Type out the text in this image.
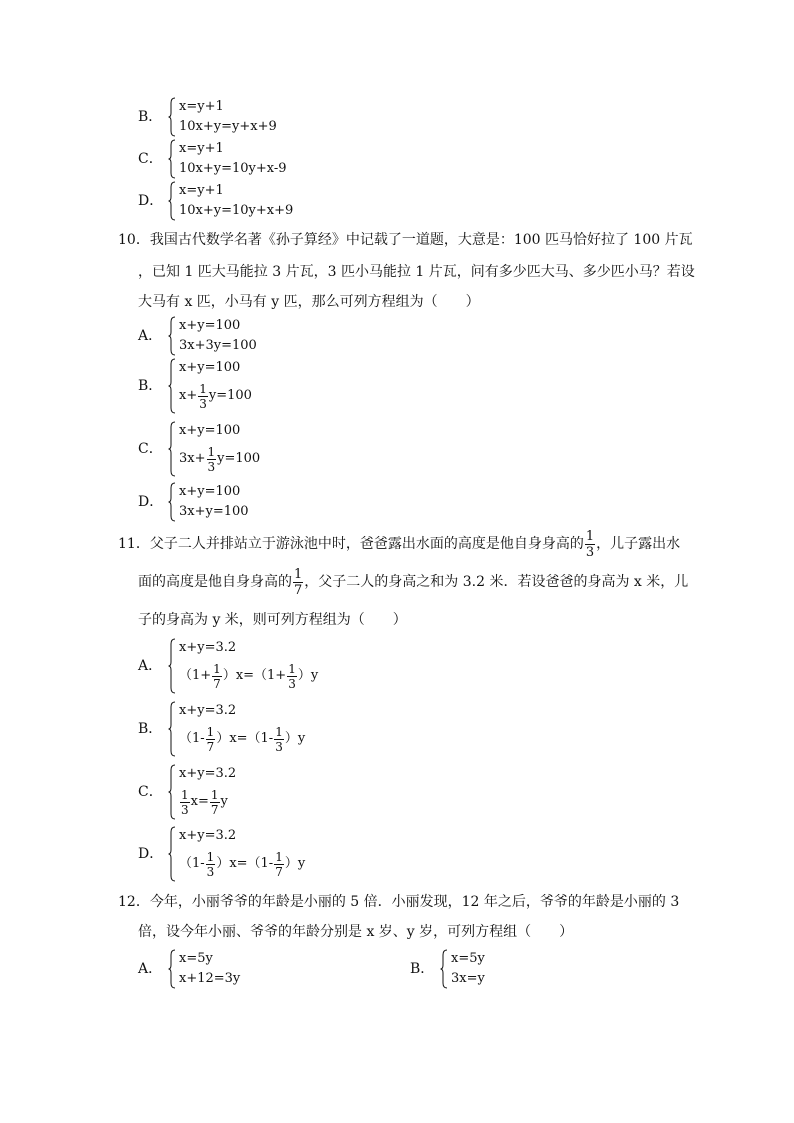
B．
x=y+1
10x+y=y+x+9
C．
x=y+1
10x+y=10y+x-9
D．
x=y+1
10x+y=10y+x+9
10．我国古代数学名著《孙子算经》中记载了一道题，大意是：100 匹马恰好拉了 100 片瓦
，已知 1 匹大马能拉 3 片瓦，3 匹小马能拉 1 片瓦，问有多少匹大马、多少匹小马？若设
大马有 x 匹，小马有 y 匹，那么可列方程组为（　　）
A．
x+y=100
3x+3y=100
B．
x+y=100
$x+ \frac{1}{3} y=100$
C．
x+y=100
$3x+ \frac{1}{3} y=100$
D．
x+y=100
3x+y=100
11．父子二人并排站立于游泳池中时，爸爸露出水面的高度是他自身身高的 $\frac{1}{3}$ ，儿子露出水
面的高度是他自身身高的 $\frac{1}{7}$ ，父子二人的身高之和为 3.2 米．若设爸爸的身高为 x 米，儿
子的身高为 y 米，则可列方程组为（　　）
A．
x+y=3.2
$(1+ \frac{1}{7} )x=(1+ \frac{1}{3} )y$
B．
x+y=3.2
$(1- \frac{1}{7} )x=(1- \frac{1}{3} )y$
C．
x+y=3.2
$\frac{1}{3} x= \frac{1}{7}$ y
D．
x+y=3.2
$(1- \frac{1}{3} )x=(1- \frac{1}{7} )y$
12．今年，小丽爷爷的年龄是小丽的 5 倍．小丽发现，12 年之后，爷爷的年龄是小丽的 3
倍，设今年小丽、爷爷的年龄分别是 x 岁、y 岁，可列方程组（　　）
A．
x=5y
x+12=3y
B．
x=5y
3x=y
